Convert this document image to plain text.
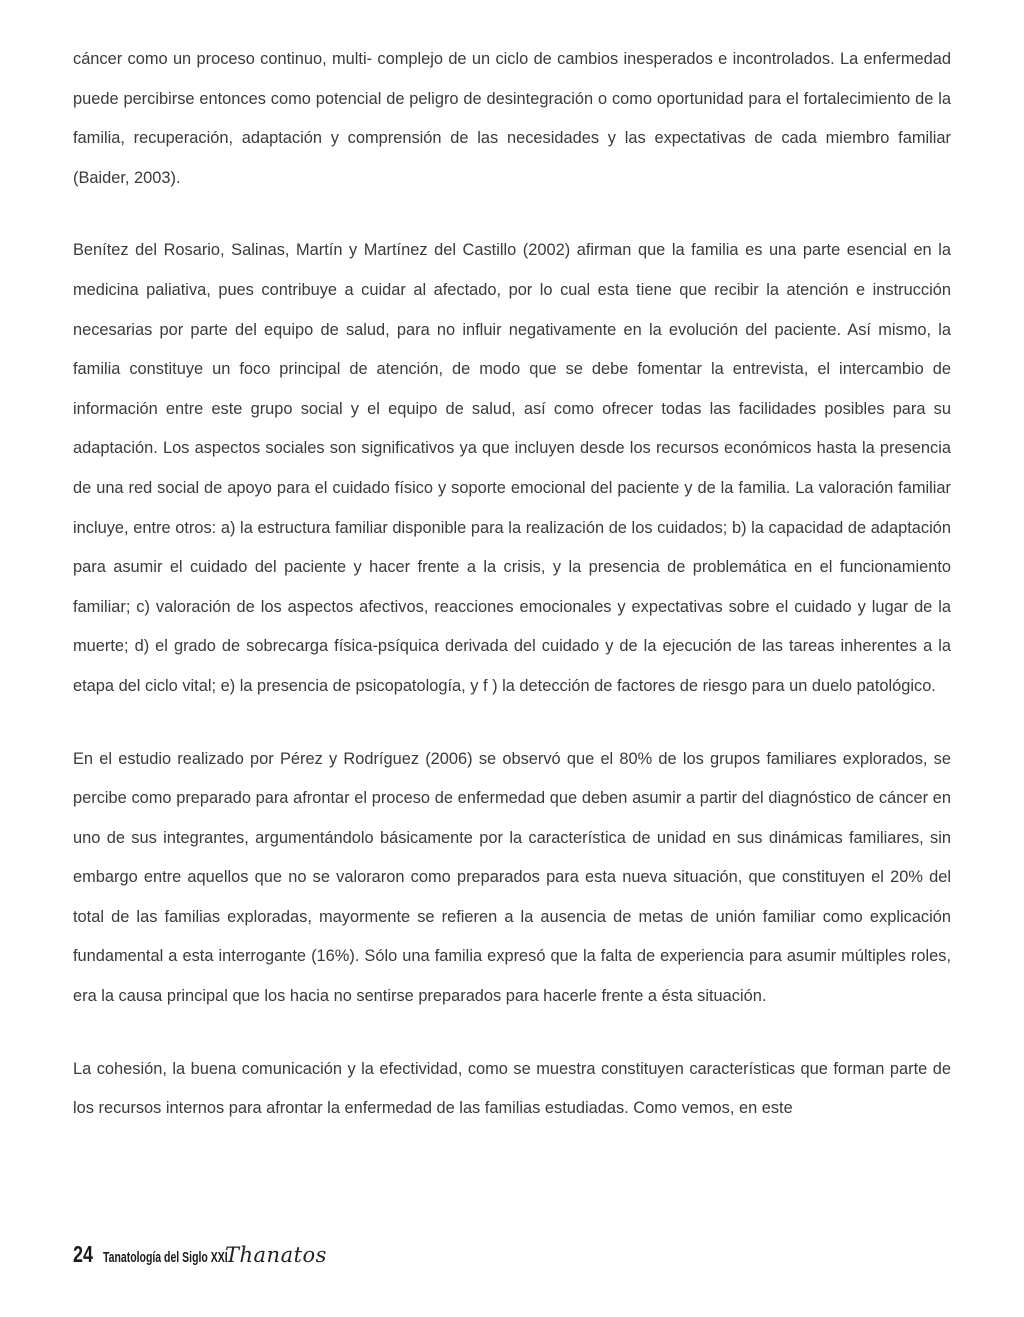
cáncer como un proceso continuo, multi- complejo de un ciclo de cambios inesperados e incontrolados. La enfermedad puede percibirse entonces como potencial de peligro de desintegración o como oportunidad para el fortalecimiento de la familia, recuperación, adaptación y comprensión de las necesidades y las expectativas de cada miembro familiar (Baider, 2003).

Benítez del Rosario, Salinas, Martín y Martínez del Castillo (2002) afirman que la familia es una parte esencial en la medicina paliativa, pues contribuye a cuidar al afectado, por lo cual esta tiene que recibir la atención e instrucción necesarias por parte del equipo de salud, para no influir negativamente en la evolución del paciente. Así mismo, la familia constituye un foco principal de atención, de modo que se debe fomentar la entrevista, el intercambio de información entre este grupo social y el equipo de salud, así como ofrecer todas las facilidades posibles para su adaptación. Los aspectos sociales son significativos ya que incluyen desde los recursos económicos hasta la presencia de una red social de apoyo para el cuidado físico y soporte emocional del paciente y de la familia. La valoración familiar incluye, entre otros: a) la estructura familiar disponible para la realización de los cuidados; b) la capacidad de adaptación para asumir el cuidado del paciente y hacer frente a la crisis, y la presencia de problemática en el funcionamiento familiar; c) valoración de los aspectos afectivos, reacciones emocionales y expectativas sobre el cuidado y lugar de la muerte; d) el grado de sobrecarga física-psíquica derivada del cuidado y de la ejecución de las tareas inherentes a la etapa del ciclo vital; e) la presencia de psicopatología, y f ) la detección de factores de riesgo para un duelo patológico.

En el estudio realizado por Pérez y Rodríguez (2006) se observó que el 80% de los grupos familiares explorados, se percibe como preparado para afrontar el proceso de enfermedad que deben asumir a partir del diagnóstico de cáncer en uno de sus integrantes, argumentándolo básicamente por la característica de unidad en sus dinámicas familiares, sin embargo entre aquellos que no se valoraron como preparados para esta nueva situación, que constituyen el 20% del total de las familias exploradas, mayormente se refieren a la ausencia de metas de unión familiar como explicación fundamental a esta interrogante (16%). Sólo una familia expresó que la falta de experiencia para asumir múltiples roles, era la causa principal que los hacia no sentirse preparados para hacerle frente a ésta situación.

La cohesión, la buena comunicación y la efectividad, como se muestra constituyen características que forman parte de los recursos internos para afrontar la enfermedad de las familias estudiadas. Como vemos, en este

24 Tanatología del Siglo XXI
Thanatos
